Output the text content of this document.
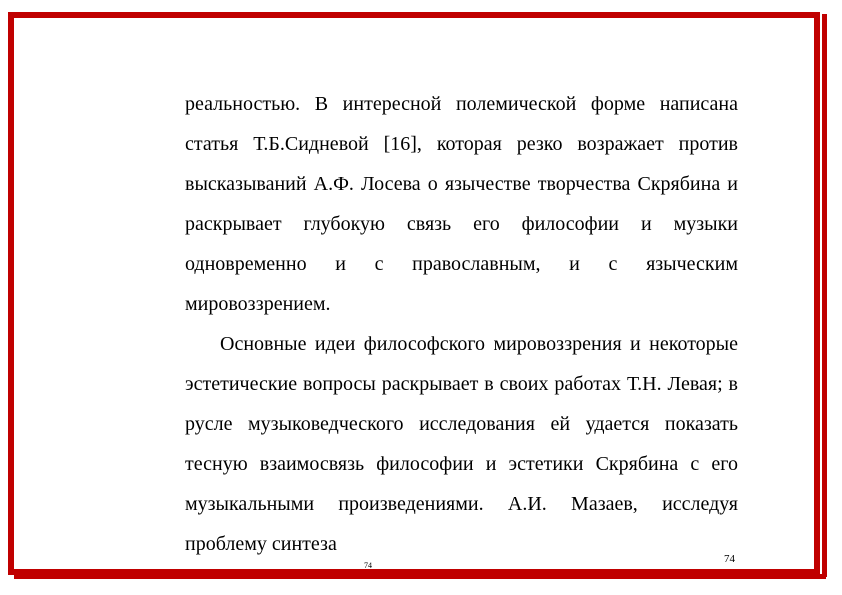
реальностью. В интересной полемической форме написана статья Т.Б.Сидневой [16], которая резко возражает против высказываний А.Ф. Лосева о язычестве творчества Скрябина и раскрывает глубокую связь его философии и музыки одновременно и с православным, и с языческим мировоззрением.

Основные идеи философского мировоззрения и некоторые эстетические вопросы раскрывает в своих работах Т.Н. Левая; в русле музыковедческого исследования ей удается показать тесную взаимосвязь философии и эстетики Скрябина с его музыкальными произведениями. А.И. Мазаев, исследуя проблему синтеза

74
74
